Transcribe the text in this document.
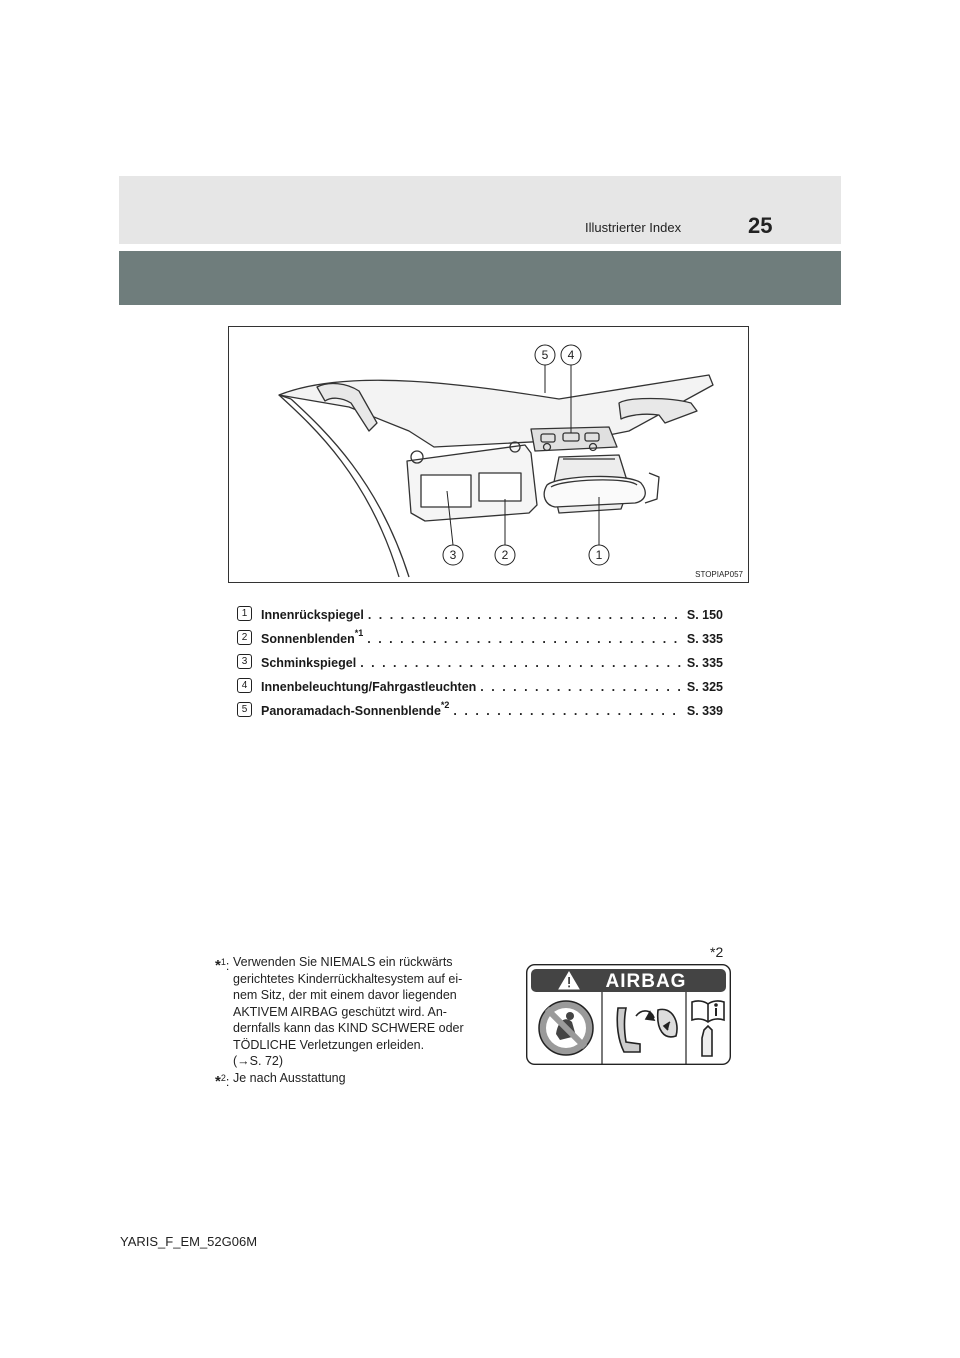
Illustrierter Index	25
5 4
3	2	1
STOPIAP057
1	Innenrückspiegel . . .	S. 150
2	Sonnenblenden$^{*1}$ . . .	S. 335
3	Schminkspiegel . . .	S. 335
4	Innenbeleuchtung/Fahrgastleuchten . . .	S. 325
5	Panoramadach-Sonnenblende$^{*2}$ . . .	S. 339
*$^1$: Verwenden Sie NIEMALS ein rückwärts
gerichtetes Kinderrückhaltesystem auf ei-
nem Sitz, der mit einem davor liegenden
AKTIVEM AIRBAG geschützt wird. An-
dernfalls kann das KIND SCHWERE oder
TÖDLICHE Verletzungen erleiden.
(→S. 72)
*$^2$: Je nach Ausstattung
*2
AIRBAG
YARIS_F_EM_52G06M
